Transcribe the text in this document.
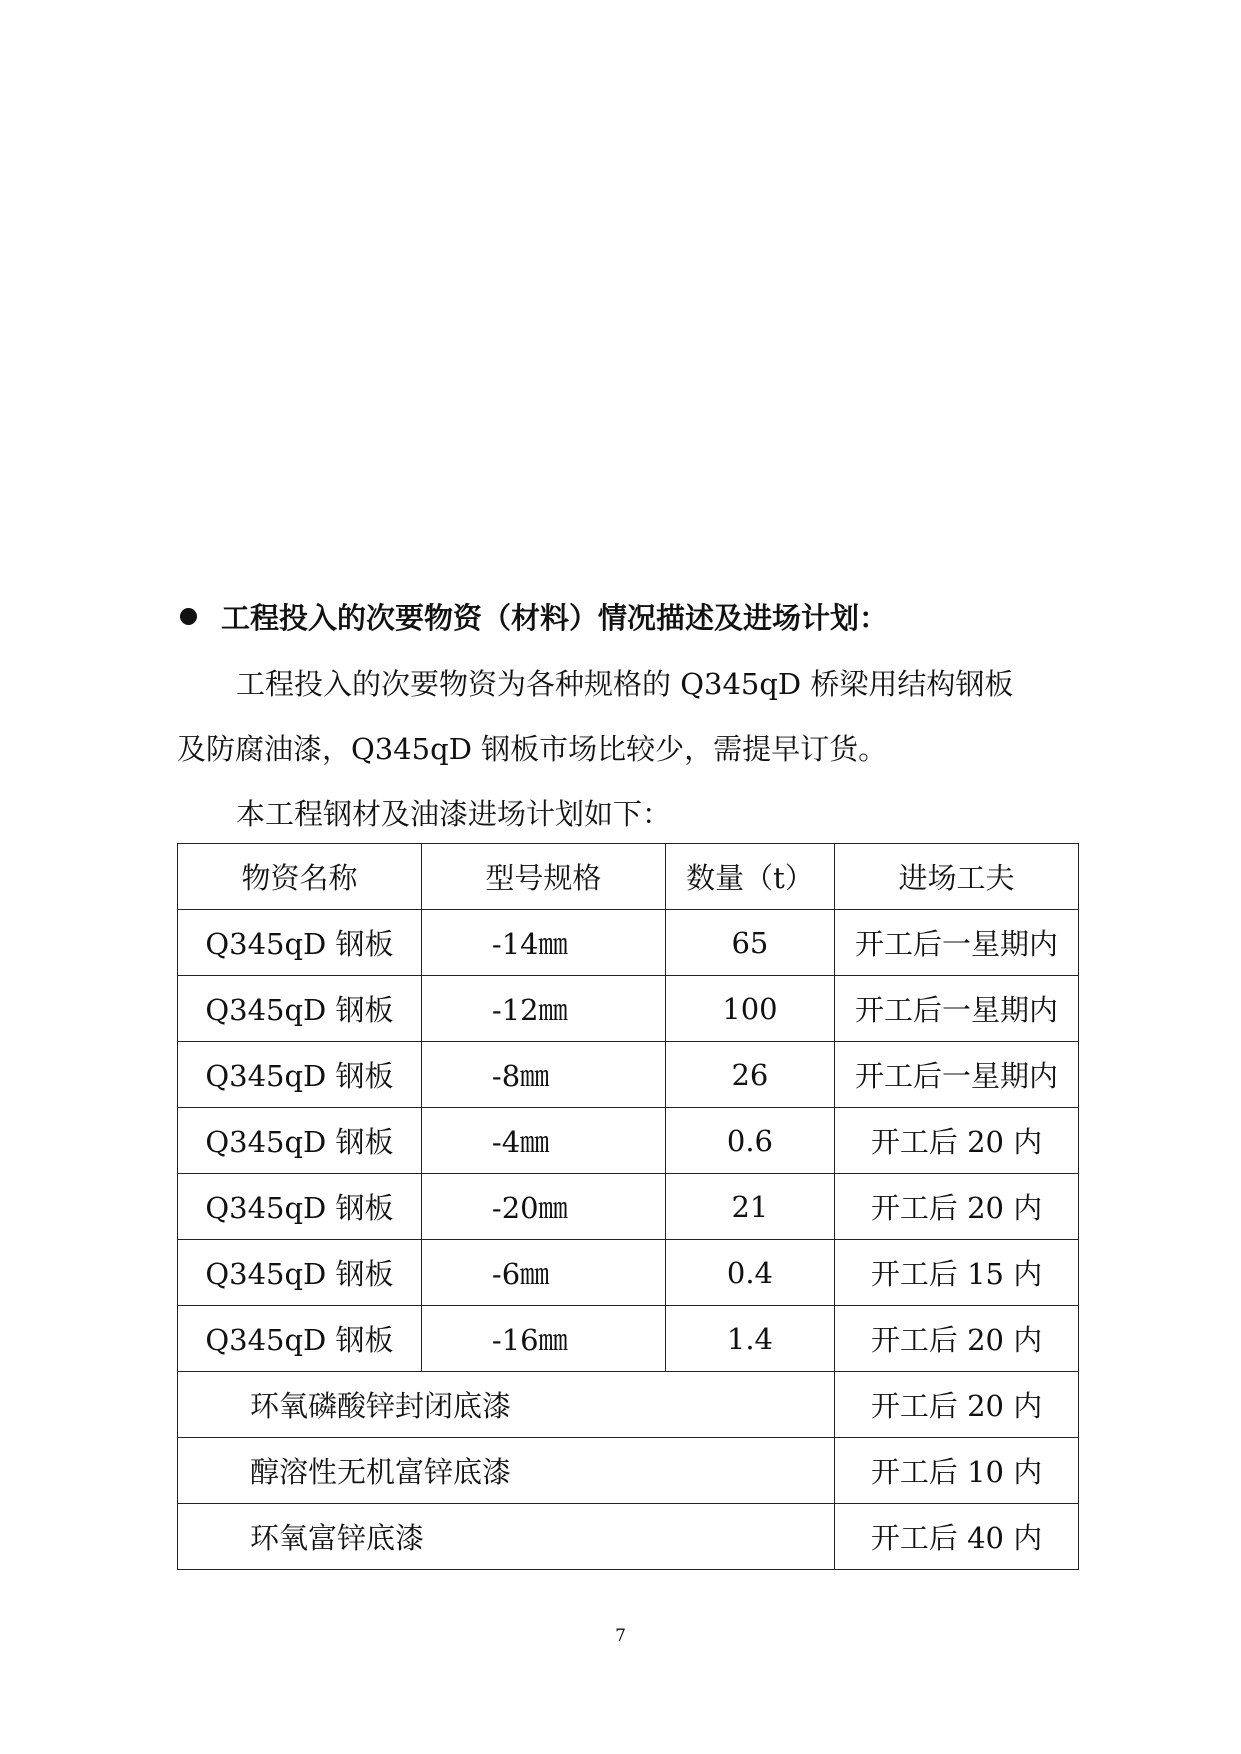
工程投入的次要物资（材料）情况描述及进场计划：
工程投入的次要物资为各种规格的 Q345qD 桥梁用结构钢板
及防腐油漆，Q345qD 钢板市场比较少，需提早订货。
本工程钢材及油漆进场计划如下：
物资名称	型号规格	数量（t）	进场工夫
Q345qD 钢板	-14㎜	65	开工后一星期内
Q345qD 钢板	-12㎜	100	开工后一星期内
Q345qD 钢板	-8㎜	26	开工后一星期内
Q345qD 钢板	-4㎜	0.6	开工后 20 内
Q345qD 钢板	-20㎜	21	开工后 20 内
Q345qD 钢板	-6㎜	0.4	开工后 15 内
Q345qD 钢板	-16㎜	1.4	开工后 20 内
环氧磷酸锌封闭底漆			开工后 20 内
醇溶性无机富锌底漆			开工后 10 内
环氧富锌底漆			开工后 40 内
7
